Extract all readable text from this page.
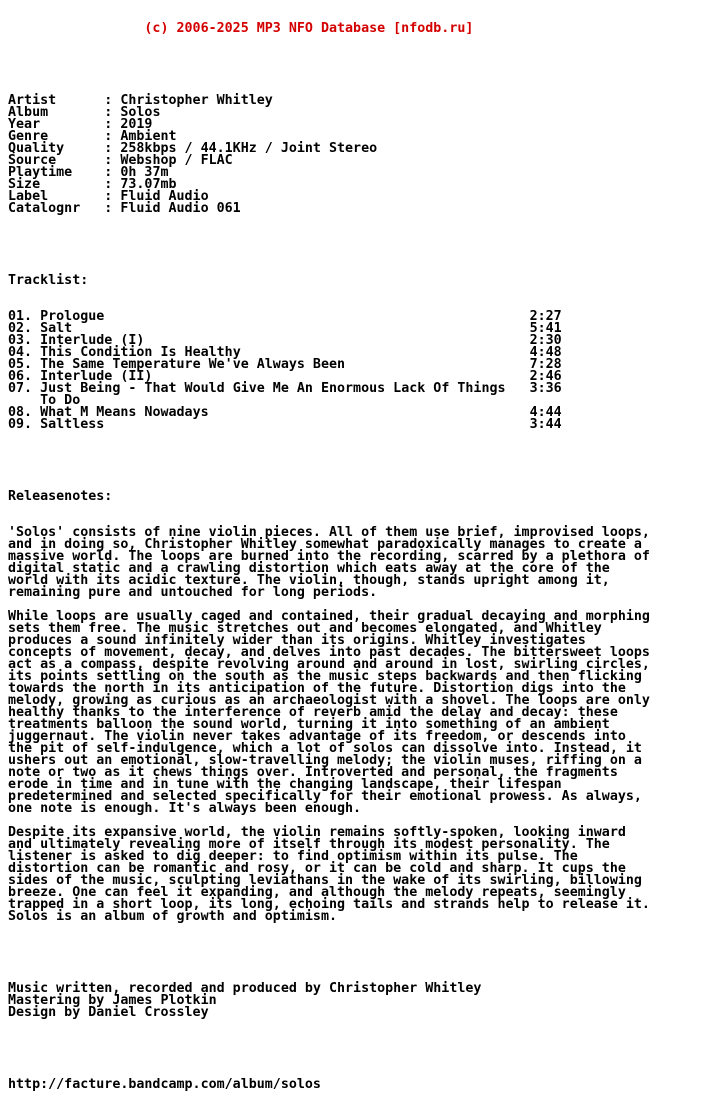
(c) 2006-2025 MP3 NFO Database [nfodb.ru]

Artist      : Christopher Whitley
Album       : Solos
Year        : 2019
Genre       : Ambient
Quality     : 258kbps / 44.1KHz / Joint Stereo
Source      : Webshop / FLAC
Playtime    : 0h 37m
Size        : 73.07mb
Label       : Fluid Audio
Catalognr   : Fluid Audio 061

Tracklist:

01. Prologue                                                     2:27
02. Salt                                                         5:41
03. Interlude (I)                                                2:30
04. This Condition Is Healthy                                    4:48
05. The Same Temperature We've Always Been                       7:28
06. Interlude (II)                                               2:46
07. Just Being - That Would Give Me An Enormous Lack Of Things   3:36
To Do
08. What M Means Nowadays                                        4:44
09. Saltless                                                     3:44

Releasenotes:

'Solos' consists of nine violin pieces. All of them use brief, improvised loops,
and in doing so, Christopher Whitley somewhat paradoxically manages to create a
massive world. The loops are burned into the recording, scarred by a plethora of
digital static and a crawling distortion which eats away at the core of the
world with its acidic texture. The violin, though, stands upright among it,
remaining pure and untouched for long periods.
While loops are usually caged and contained, their gradual decaying and morphing
sets them free. The music stretches out and becomes elongated, and Whitley
produces a sound infinitely wider than its origins. Whitley investigates
concepts of movement, decay, and delves into past decades. The bittersweet loops
act as a compass, despite revolving around and around in lost, swirling circles,
its points settling on the south as the music steps backwards and then flicking
towards the north in its anticipation of the future. Distortion digs into the
melody, growing as curious as an archaeologist with a shovel. The loops are only
healthy thanks to the interference of reverb amid the delay and decay: these
treatments balloon the sound world, turning it into something of an ambient
juggernaut. The violin never takes advantage of its freedom, or descends into
the pit of self-indulgence, which a lot of solos can dissolve into. Instead, it
ushers out an emotional, slow-travelling melody; the violin muses, riffing on a
note or two as it chews things over. Introverted and personal, the fragments
erode in time and in tune with the changing landscape, their lifespan
predetermined and selected specifically for their emotional prowess. As always,
one note is enough. It's always been enough.
Despite its expansive world, the violin remains softly-spoken, looking inward
and ultimately revealing more of itself through its modest personality. The
listener is asked to dig deeper: to find optimism within its pulse. The
distortion can be romantic and rosy, or it can be cold and sharp. It cups the
sides of the music, sculpting leviathans in the wake of its swirling, billowing
breeze. One can feel it expanding, and although the melody repeats, seemingly
trapped in a short loop, its long, echoing tails and strands help to release it.
Solos is an album of growth and optimism.

Music written, recorded and produced by Christopher Whitley
Mastering by James Plotkin
Design by Daniel Crossley

http://facture.bandcamp.com/album/solos
